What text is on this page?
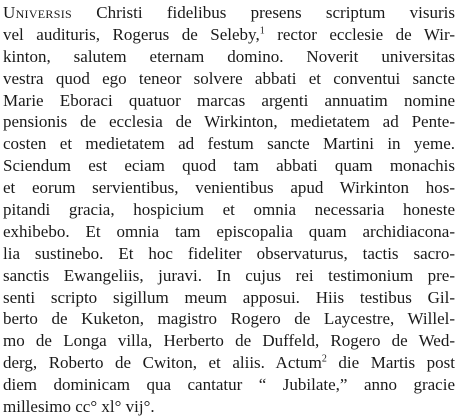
Universis Christi fidelibus presens scriptum visuris
vel audituris, Rogerus de Seleby,$^1$ rector ecclesie de Wir-
kinton, salutem eternam domino. Noverit universitas
vestra quod ego teneor solvere abbati et conventui sancte
Marie Eboraci quatuor marcas argenti annuatim nomine
pensionis de ecclesia de Wirkinton, medietatem ad Pente-
costen et medietatem ad festum sancte Martini in yeme.
Sciendum est eciam quod tam abbati quam monachis
et eorum servientibus, venientibus apud Wirkinton hos-
pitandi gracia, hospicium et omnia necessaria honeste
exhibebo. Et omnia tam episcopalia quam archidiacona-
lia sustinebo. Et hoc fideliter observaturus, tactis sacro-
sanctis Ewangeliis, juravi. In cujus rei testimonium pre-
senti scripto sigillum meum apposui. Hiis testibus Gil-
berto de Kuketon, magistro Rogero de Laycestre, Willel-
mo de Longa villa, Herberto de Duffeld, Rogero de Wed-
derg, Roberto de Cwiton, et aliis. Actum$^2$ die Martis post
diem dominicam qua cantatur “ Jubilate,” anno gracie
millesimo cc° xl° vij°.
